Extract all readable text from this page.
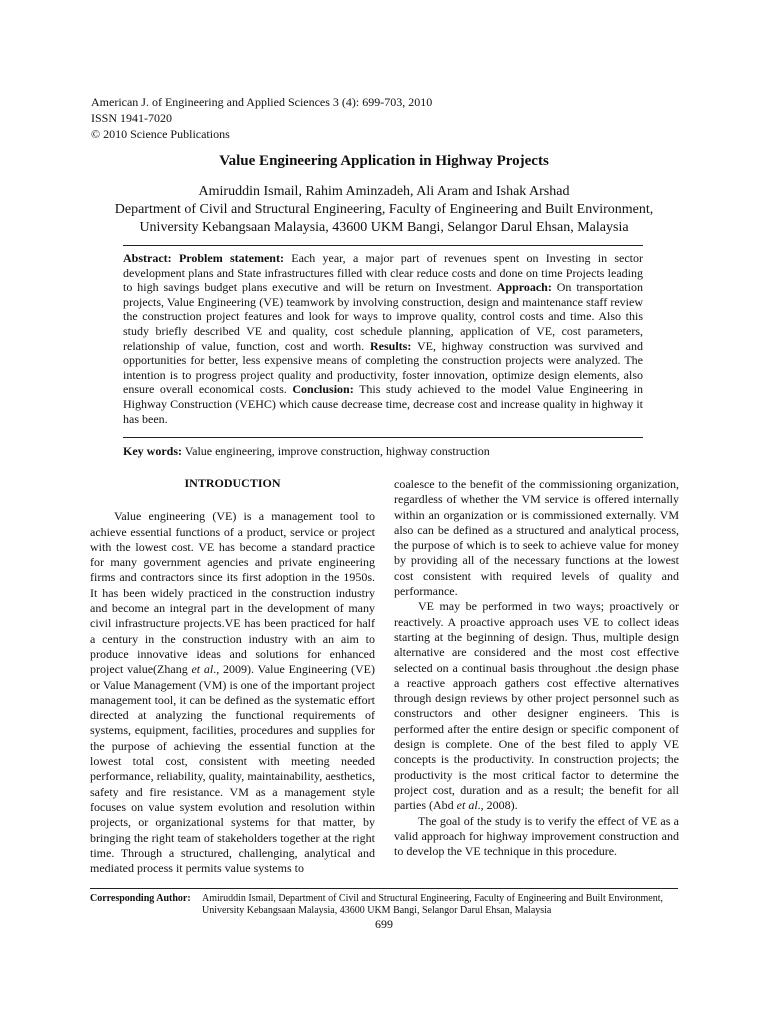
American J. of Engineering and Applied Sciences 3 (4): 699-703, 2010
ISSN 1941-7020
© 2010 Science Publications
Value Engineering Application in Highway Projects
Amiruddin Ismail, Rahim Aminzadeh, Ali Aram and Ishak Arshad
Department of Civil and Structural Engineering, Faculty of Engineering and Built Environment,
University Kebangsaan Malaysia, 43600 UKM Bangi, Selangor Darul Ehsan, Malaysia
Abstract: Problem statement: Each year, a major part of revenues spent on Investing in sector development plans and State infrastructures filled with clear reduce costs and done on time Projects leading to high savings budget plans executive and will be return on Investment. Approach: On transportation projects, Value Engineering (VE) teamwork by involving construction, design and maintenance staff review the construction project features and look for ways to improve quality, control costs and time. Also this study briefly described VE and quality, cost schedule planning, application of VE, cost parameters, relationship of value, function, cost and worth. Results: VE, highway construction was survived and opportunities for better, less expensive means of completing the construction projects were analyzed. The intention is to progress project quality and productivity, foster innovation, optimize design elements, also ensure overall economical costs. Conclusion: This study achieved to the model Value Engineering in Highway Construction (VEHC) which cause decrease time, decrease cost and increase quality in highway it has been.
Key words: Value engineering, improve construction, highway construction
INTRODUCTION

Value engineering (VE) is a management tool to achieve essential functions of a product, service or project with the lowest cost. VE has become a standard practice for many government agencies and private engineering firms and contractors since its first adoption in the 1950s. It has been widely practiced in the construction industry and become an integral part in the development of many civil infrastructure projects.VE has been practiced for half a century in the construction industry with an aim to produce innovative ideas and solutions for enhanced project value(Zhang et al., 2009). Value Engineering (VE) or Value Management (VM) is one of the important project management tool, it can be defined as the systematic effort directed at analyzing the functional requirements of systems, equipment, facilities, procedures and supplies for the purpose of achieving the essential function at the lowest total cost, consistent with meeting needed performance, reliability, quality, maintainability, aesthetics, safety and fire resistance. VM as a management style focuses on value system evolution and resolution within projects, or organizational systems for that matter, by bringing the right team of stakeholders together at the right time. Through a structured, challenging, analytical and mediated process it permits value systems to

coalesce to the benefit of the commissioning organization, regardless of whether the VM service is offered internally within an organization or is commissioned externally. VM also can be defined as a structured and analytical process, the purpose of which is to seek to achieve value for money by providing all of the necessary functions at the lowest cost consistent with required levels of quality and performance.

VE may be performed in two ways; proactively or reactively. A proactive approach uses VE to collect ideas starting at the beginning of design. Thus, multiple design alternative are considered and the most cost effective selected on a continual basis throughout .the design phase a reactive approach gathers cost effective alternatives through design reviews by other project personnel such as constructors and other designer engineers. This is performed after the entire design or specific component of design is complete. One of the best filed to apply VE concepts is the productivity. In construction projects; the productivity is the most critical factor to determine the project cost, duration and as a result; the benefit for all parties (Abd et al., 2008).

The goal of the study is to verify the effect of VE as a valid approach for highway improvement construction and to develop the VE technique in this procedure.

Corresponding Author: Amiruddin Ismail, Department of Civil and Structural Engineering, Faculty of Engineering and Built Environment,
University Kebangsaan Malaysia, 43600 UKM Bangi, Selangor Darul Ehsan, Malaysia
699
